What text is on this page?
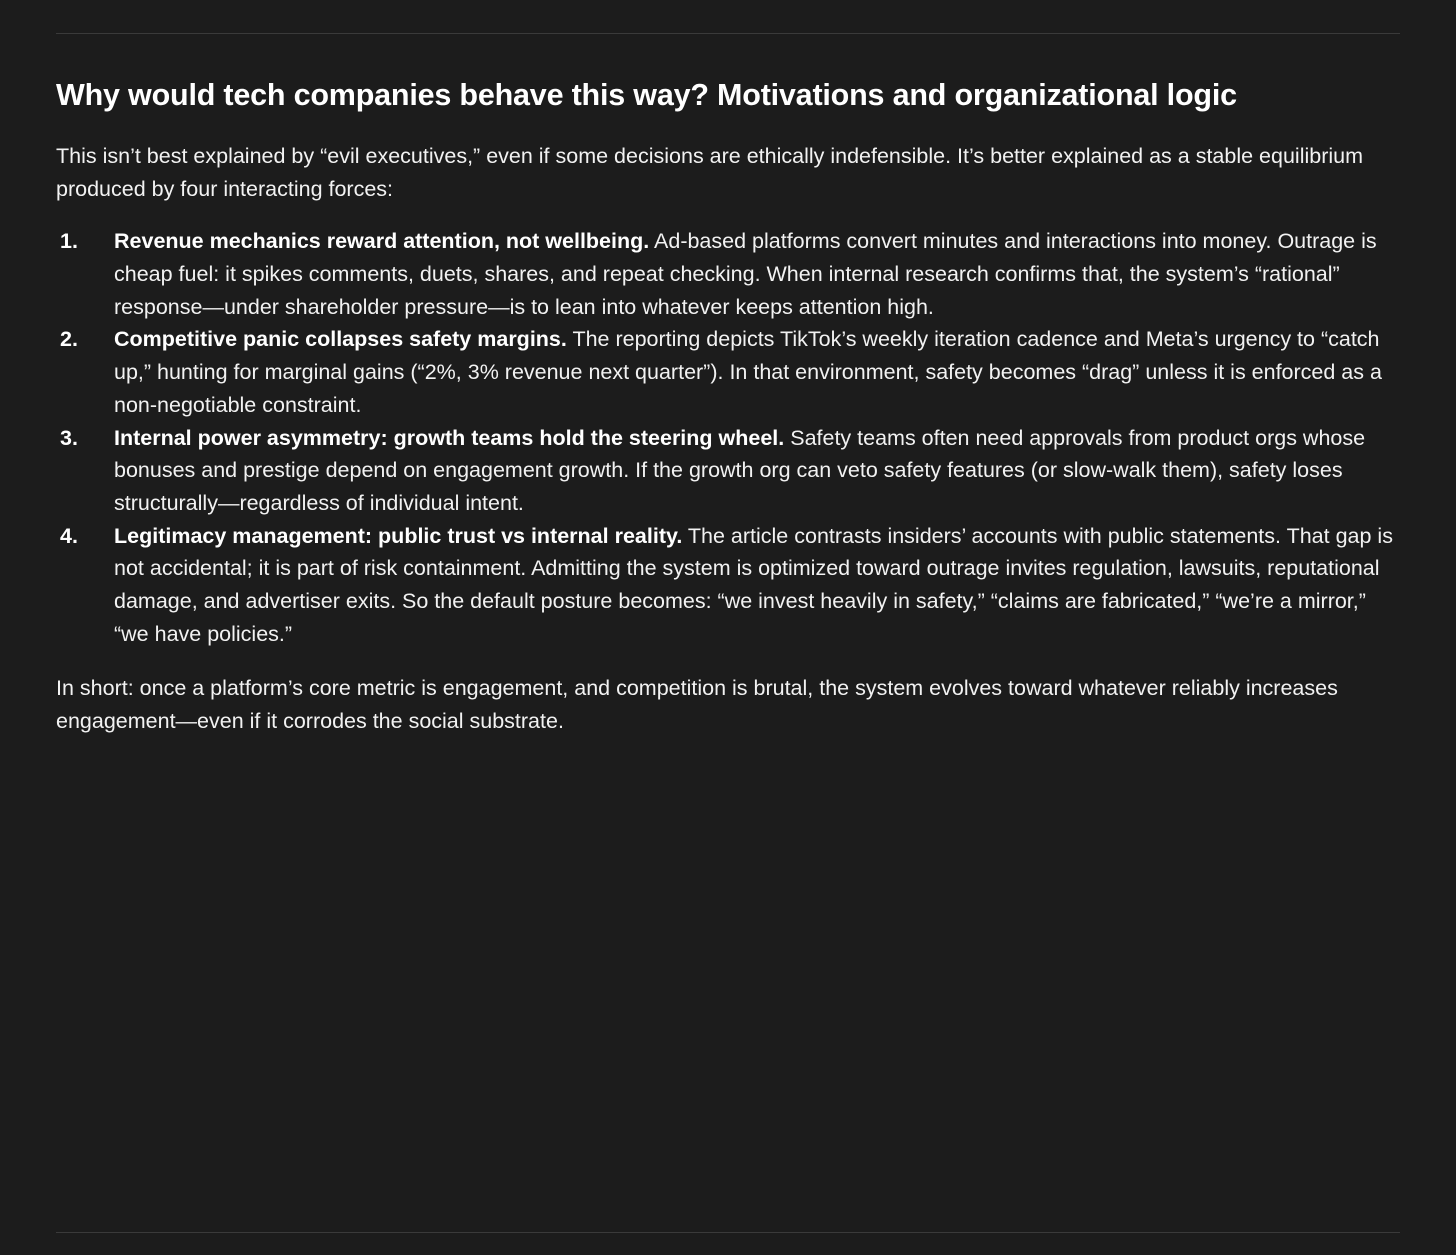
Why would tech companies behave this way? Motivations and organizational logic

This isn’t best explained by “evil executives,” even if some decisions are ethically indefensible. It’s better explained as a stable equilibrium produced by four interacting forces:

1.	Revenue mechanics reward attention, not wellbeing. Ad-based platforms convert minutes and interactions into money. Outrage is cheap fuel: it spikes comments, duets, shares, and repeat checking. When internal research confirms that, the system’s “rational” response—under shareholder pressure—is to lean into whatever keeps attention high.
2.	Competitive panic collapses safety margins. The reporting depicts TikTok’s weekly iteration cadence and Meta’s urgency to “catch up,” hunting for marginal gains (“2%, 3% revenue next quarter”). In that environment, safety becomes “drag” unless it is enforced as a non-negotiable constraint.
3.	Internal power asymmetry: growth teams hold the steering wheel. Safety teams often need approvals from product orgs whose bonuses and prestige depend on engagement growth. If the growth org can veto safety features (or slow-walk them), safety loses structurally—regardless of individual intent.
4.	Legitimacy management: public trust vs internal reality. The article contrasts insiders’ accounts with public statements. That gap is not accidental; it is part of risk containment. Admitting the system is optimized toward outrage invites regulation, lawsuits, reputational damage, and advertiser exits. So the default posture becomes: “we invest heavily in safety,” “claims are fabricated,” “we’re a mirror,” “we have policies.”

In short: once a platform’s core metric is engagement, and competition is brutal, the system evolves toward whatever reliably increases engagement—even if it corrodes the social substrate.
